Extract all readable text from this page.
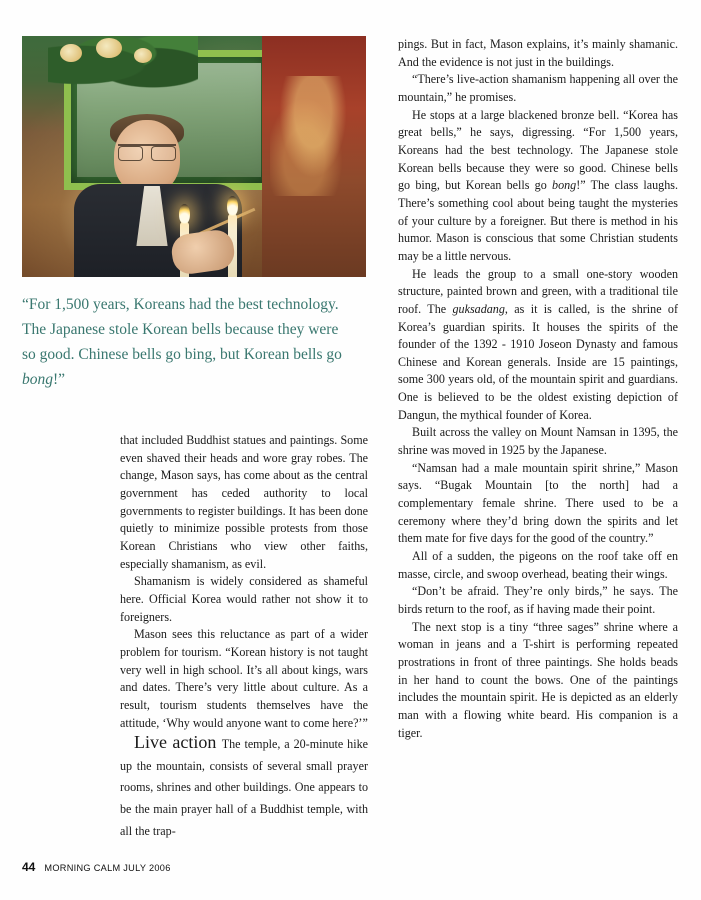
“For 1,500 years, Koreans had the best technology. The Japanese stole Korean bells because they were so good. Chinese bells go bing, but Korean bells go bong!”

that included Buddhist statues and paintings. Some even shaved their heads and wore gray robes. The change, Mason says, has come about as the central government has ceded authority to local governments to register buildings. It has been done quietly to minimize possible protests from those Korean Christians who view other faiths, especially shamanism, as evil.

Shamanism is widely considered as shameful here. Official Korea would rather not show it to foreigners.

Mason sees this reluctance as part of a wider problem for tourism. “Korean history is not taught very well in high school. It’s all about kings, wars and dates. There’s very little about culture. As a result, tourism students themselves have the attitude, ‘Why would anyone want to come here?’”

Live action The temple, a 20-minute hike up the mountain, consists of several small prayer rooms, shrines and other buildings. One appears to be the main prayer hall of a Buddhist temple, with all the trap-

pings. But in fact, Mason explains, it’s mainly shamanic. And the evidence is not just in the buildings.

“There’s live-action shamanism happening all over the mountain,” he promises.

He stops at a large blackened bronze bell. “Korea has great bells,” he says, digressing. “For 1,500 years, Koreans had the best technology. The Japanese stole Korean bells because they were so good. Chinese bells go bing, but Korean bells go bong!” The class laughs. There’s something cool about being taught the mysteries of your culture by a foreigner. But there is method in his humor. Mason is conscious that some Christian students may be a little nervous.

He leads the group to a small one-story wooden structure, painted brown and green, with a traditional tile roof. The guksadang, as it is called, is the shrine of Korea’s guardian spirits. It houses the spirits of the founder of the 1392 - 1910 Joseon Dynasty and famous Chinese and Korean generals. Inside are 15 paintings, some 300 years old, of the mountain spirit and guardians. One is believed to be the oldest existing depiction of Dangun, the mythical founder of Korea.

Built across the valley on Mount Namsan in 1395, the shrine was moved in 1925 by the Japanese.

“Namsan had a male mountain spirit shrine,” Mason says. “Bugak Mountain [to the north] had a complementary female shrine. There used to be a ceremony where they’d bring down the spirits and let them mate for five days for the good of the country.”

All of a sudden, the pigeons on the roof take off en masse, circle, and swoop overhead, beating their wings.

“Don’t be afraid. They’re only birds,” he says. The birds return to the roof, as if having made their point.

The next stop is a tiny “three sages” shrine where a woman in jeans and a T-shirt is performing repeated prostrations in front of three paintings. She holds beads in her hand to count the bows. One of the paintings includes the mountain spirit. He is depicted as an elderly man with a flowing white beard. His companion is a tiger.

44 MORNING CALM JULY 2006
